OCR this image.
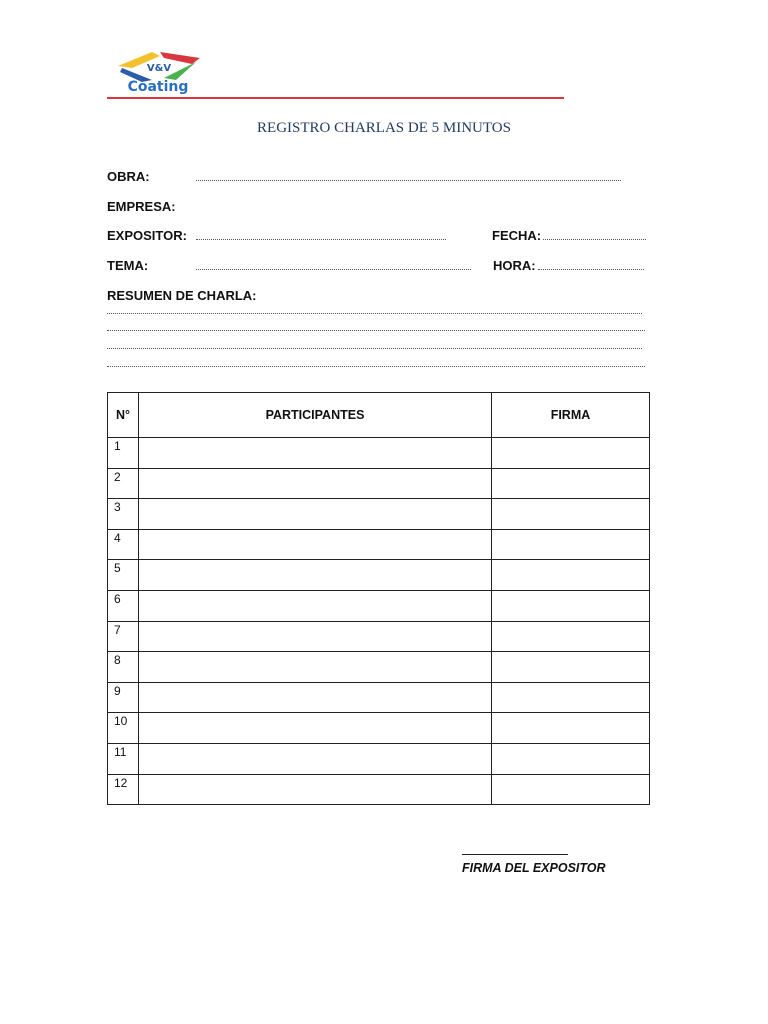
V&V
Coating
REGISTRO CHARLAS DE 5 MINUTOS
OBRA:
EMPRESA:
EXPOSITOR:	FECHA:
TEMA:	HORA:
RESUMEN DE CHARLA:
N°	PARTICIPANTES	FIRMA
1		
2		
3		
4		
5		
6		
7		
8		
9		
10		
11		
12		
FIRMA DEL EXPOSITOR
